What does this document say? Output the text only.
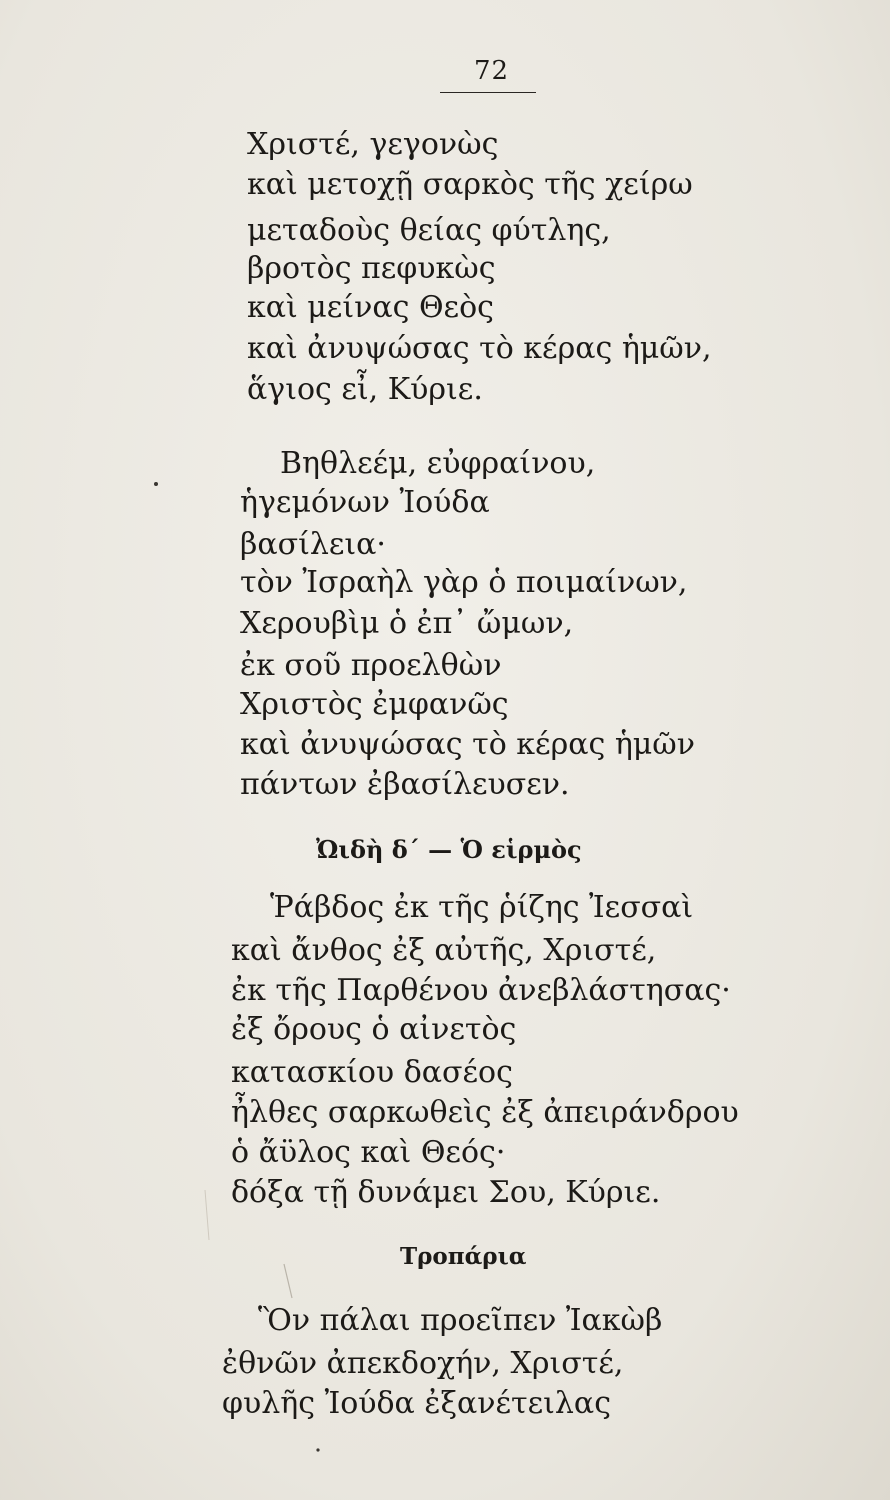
72
Χριστέ, γεγονὼς
καὶ μετοχῇ σαρκὸς τῆς χείρω
μεταδοὺς θείας φύτλης,
βροτὸς πεφυκὼς
καὶ μείνας Θεὸς
καὶ ἀνυψώσας τὸ κέρας ἡμῶν,
ἅγιος εἶ, Κύριε.
Βηθλεέμ, εὐφραίνου,
ἡγεμόνων Ἰούδα
βασίλεια·
τὸν Ἰσραὴλ γὰρ ὁ ποιμαίνων,
Χερουβὶμ ὁ ἐπ᾿ ὤμων,
ἐκ σοῦ προελθὼν
Χριστὸς ἐμφανῶς
καὶ ἀνυψώσας τὸ κέρας ἡμῶν
πάντων ἐβασίλευσεν.
Ὠιδὴ δ΄ — Ὁ εἱρμὸς
Ῥάβδος ἐκ τῆς ῥίζης Ἰεσσαὶ
καὶ ἄνθος ἐξ αὐτῆς, Χριστέ,
ἐκ τῆς Παρθένου ἀνεβλάστησας·
ἐξ ὄρους ὁ αἰνετὸς
κατασκίου δασέος
ἦλθες σαρκωθεὶς ἐξ ἀπειράνδρου
ὁ ἄϋλος καὶ Θεός·
δόξα τῇ δυνάμει Σου, Κύριε.
Τροπάρια
Ὃν πάλαι προεῖπεν Ἰακὼβ
ἐθνῶν ἀπεκδοχήν, Χριστέ,
φυλῆς Ἰούδα ἐξανέτειλας
